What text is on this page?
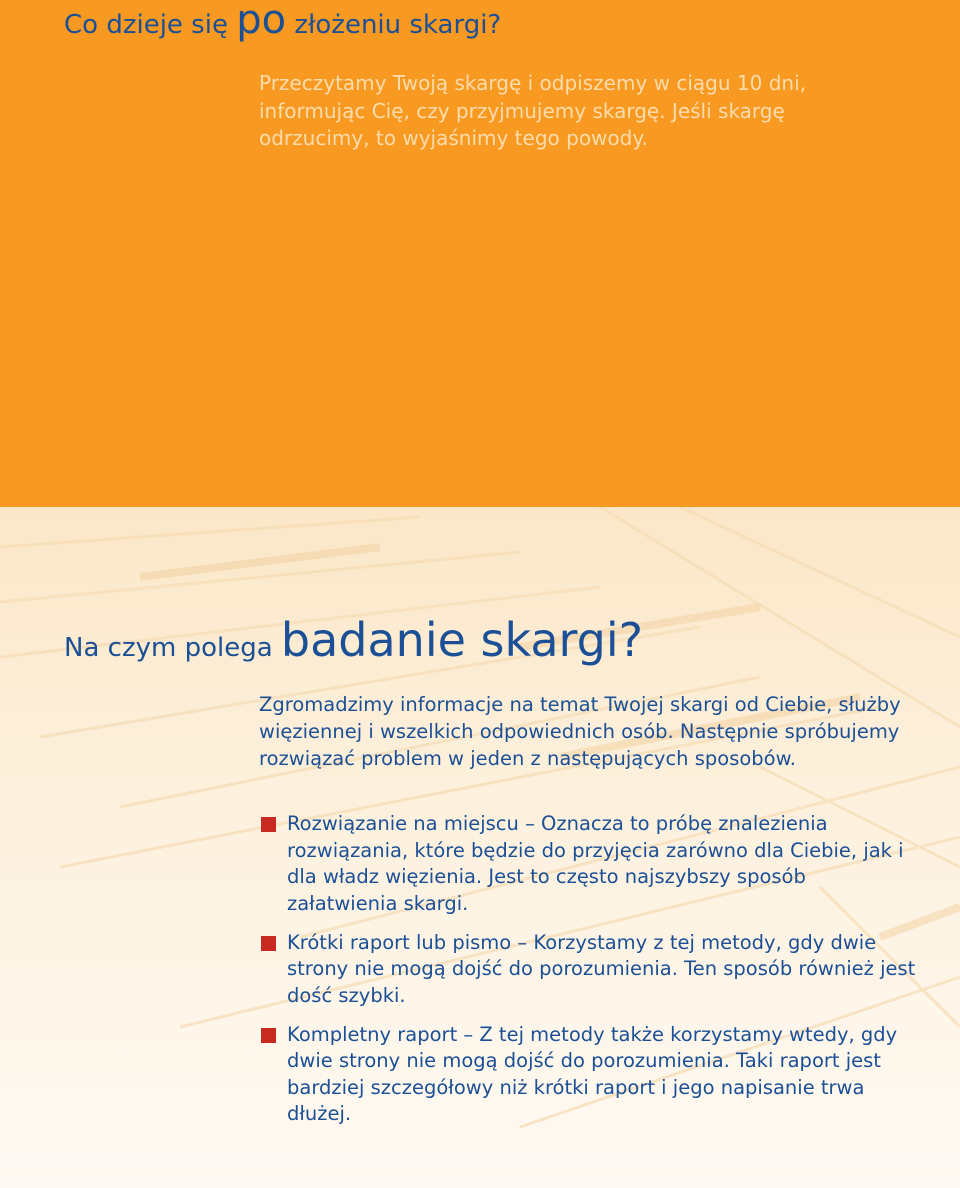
Co dzieje się po złożeniu skargi?

Przeczytamy Twoją skargę i odpiszemy w ciągu 10 dni, informując Cię, czy przyjmujemy skargę. Jeśli skargę odrzucimy, to wyjaśnimy tego powody.

Na czym polega badanie skargi?

Zgromadzimy informacje na temat Twojej skargi od Ciebie, służby więziennej i wszelkich odpowiednich osób. Następnie spróbujemy rozwiązać problem w jeden z następujących sposobów.

Rozwiązanie na miejscu – Oznacza to próbę znalezienia rozwiązania, które będzie do przyjęcia zarówno dla Ciebie, jak i dla władz więzienia. Jest to często najszybszy sposób załatwienia skargi.
Krótki raport lub pismo – Korzystamy z tej metody, gdy dwie strony nie mogą dojść do porozumienia. Ten sposób również jest dość szybki.
Kompletny raport – Z tej metody także korzystamy wtedy, gdy dwie strony nie mogą dojść do porozumienia. Taki raport jest bardziej szczegółowy niż krótki raport i jego napisanie trwa dłużej.
